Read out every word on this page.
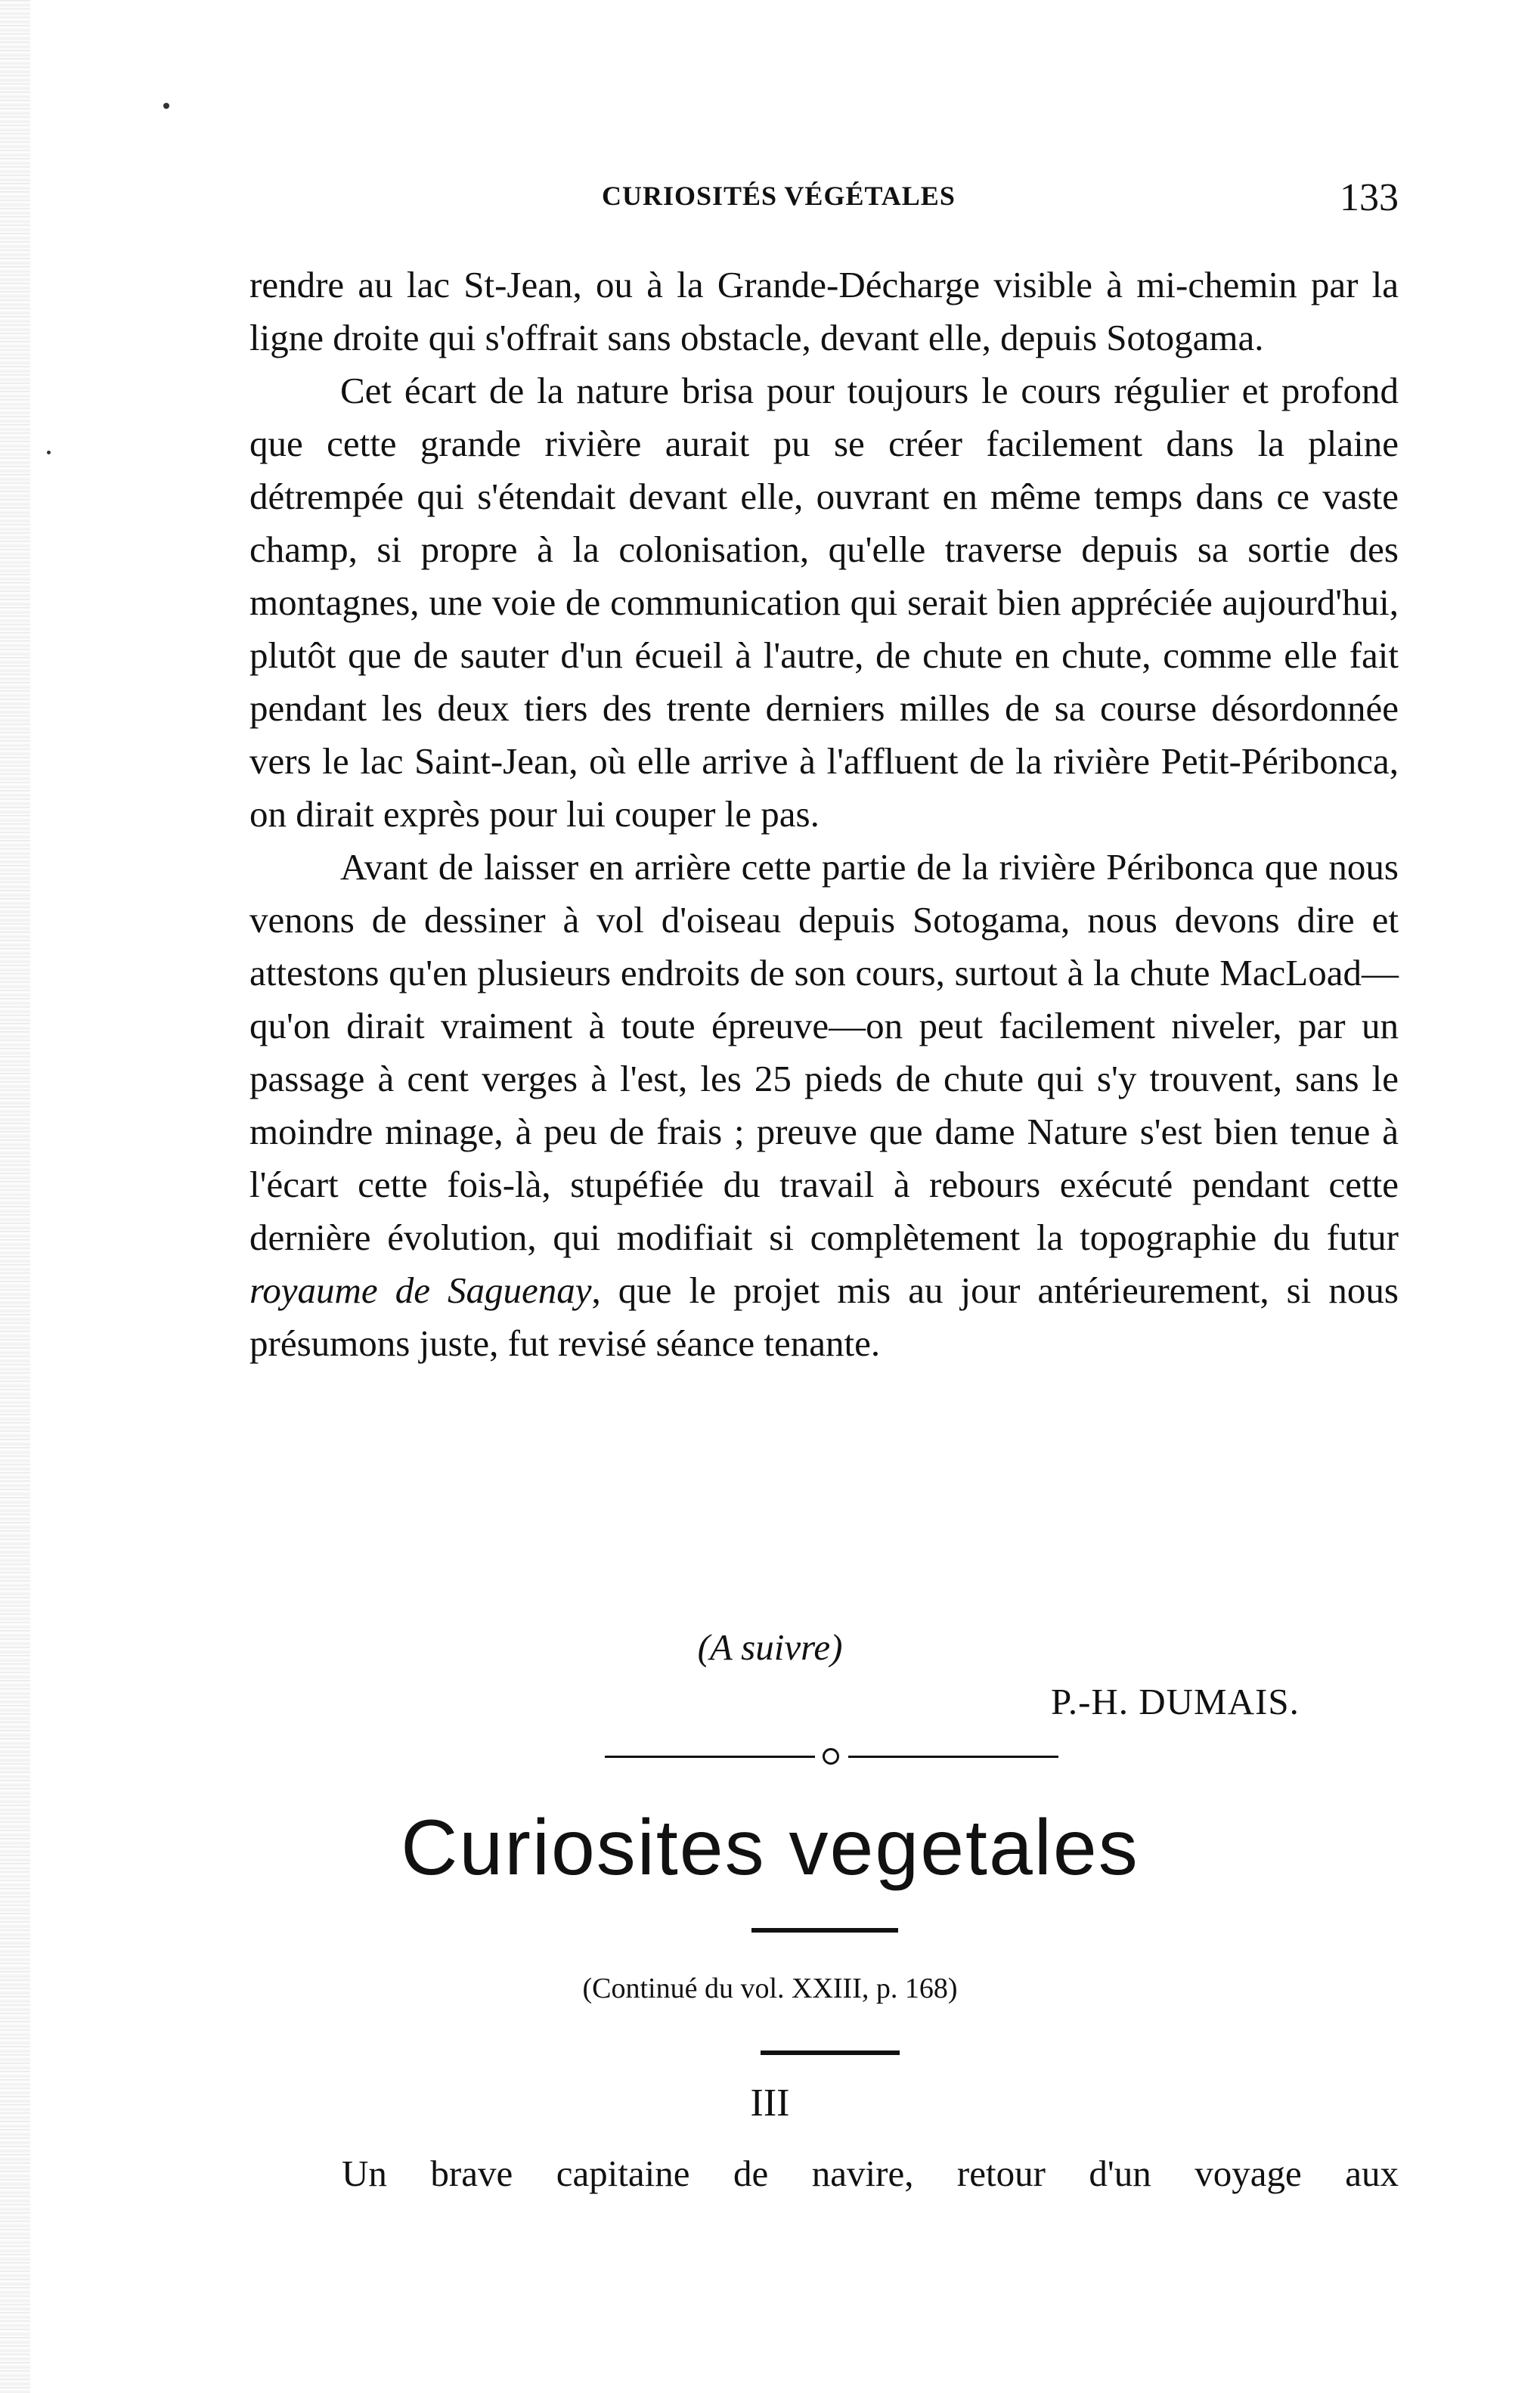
CURIOSITÉS VÉGÉTALES	133

rendre au lac St-Jean, ou à la Grande-Décharge visible à mi-chemin par la ligne droite qui s'offrait sans obstacle, devant elle, depuis Sotogama.

Cet écart de la nature brisa pour toujours le cours régulier et profond que cette grande rivière aurait pu se créer facilement dans la plaine détrempée qui s'étendait devant elle, ouvrant en même temps dans ce vaste champ, si propre à la colonisation, qu'elle traverse depuis sa sortie des montagnes, une voie de communication qui serait bien appréciée aujourd'hui, plutôt que de sauter d'un écueil à l'autre, de chute en chute, comme elle fait pendant les deux tiers des trente derniers milles de sa course désordonnée vers le lac Saint-Jean, où elle arrive à l'affluent de la rivière Petit-Péribonca, on dirait exprès pour lui couper le pas.

Avant de laisser en arrière cette partie de la rivière Péribonca que nous venons de dessiner à vol d'oiseau depuis Sotogama, nous devons dire et attestons qu'en plusieurs endroits de son cours, surtout à la chute MacLoad—qu'on dirait vraiment à toute épreuve—on peut facilement niveler, par un passage à cent verges à l'est, les 25 pieds de chute qui s'y trouvent, sans le moindre minage, à peu de frais ; preuve que dame Nature s'est bien tenue à l'écart cette fois-là, stupéfiée du travail à rebours exécuté pendant cette dernière évolution, qui modifiait si complètement la topographie du futur royaume de Saguenay, que le projet mis au jour antérieurement, si nous présumons juste, fut revisé séance tenante.

(A suivre)
P.-H. DUMAIS.
Curiosites vegetales
(Continué du vol. XXIII, p. 168)
III
Un brave capitaine de navire, retour d'un voyage aux
